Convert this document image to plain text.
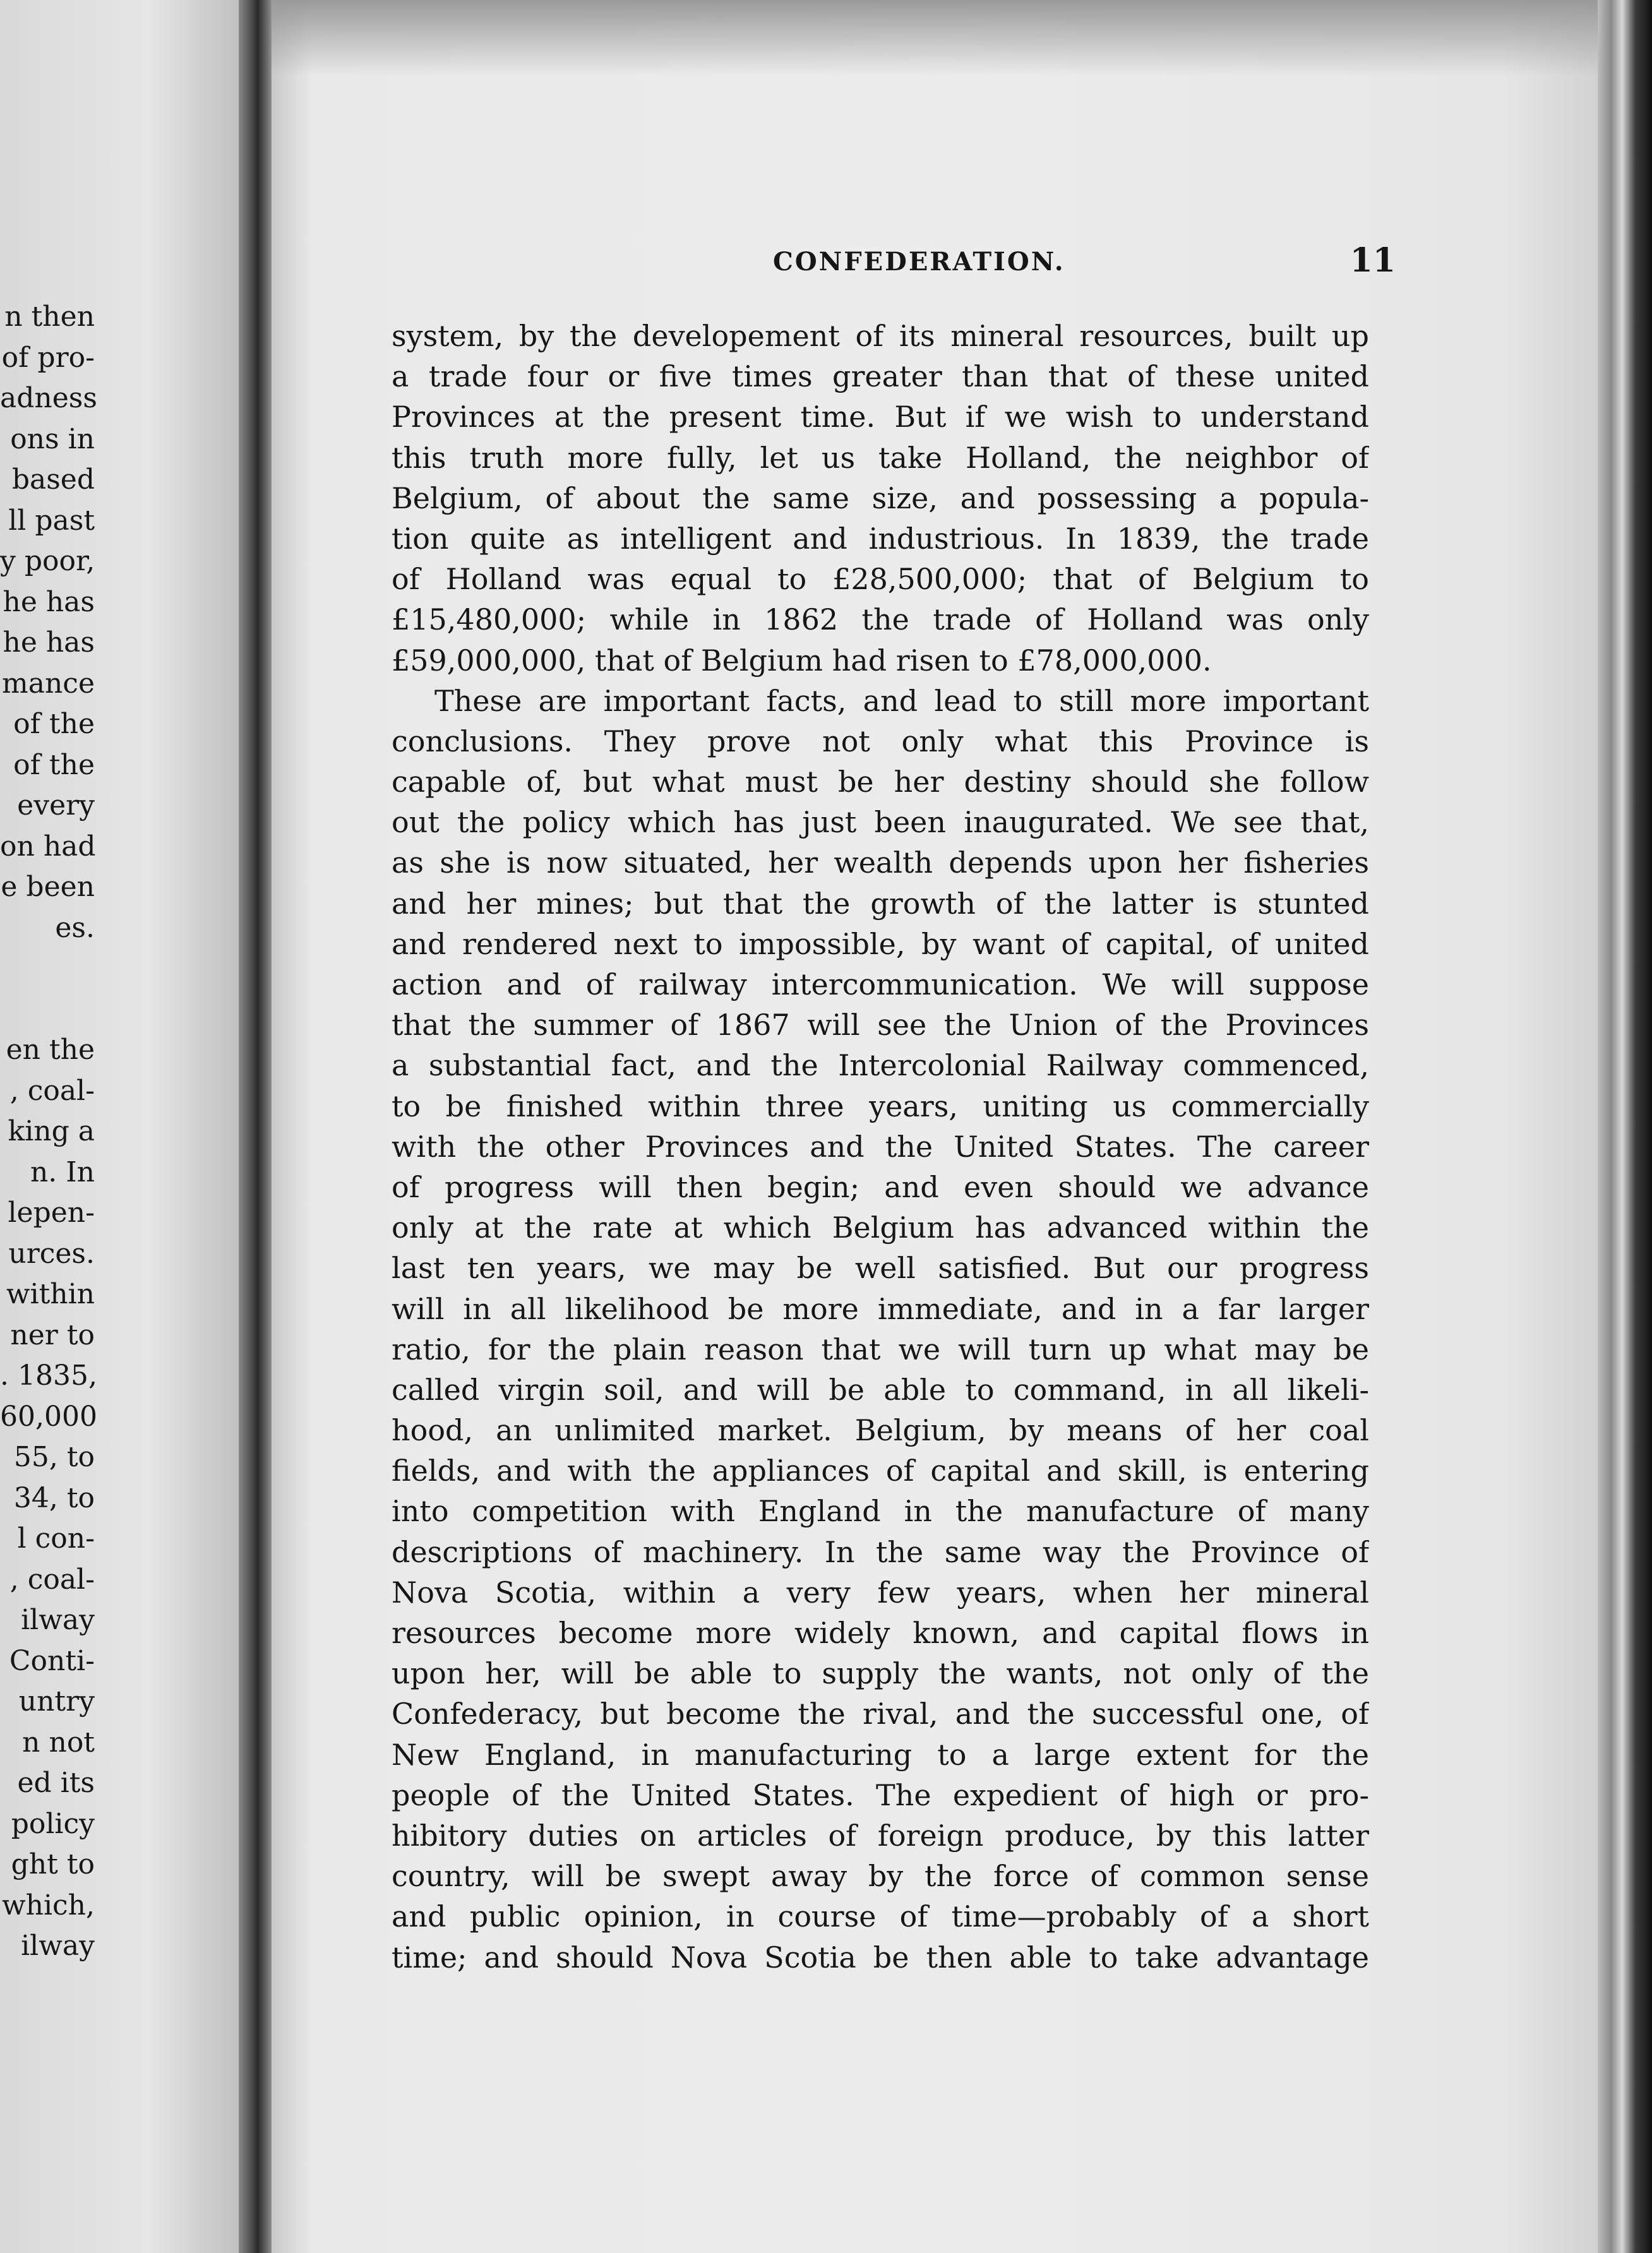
n then
of pro-
adness
ons in
based
ll past
y poor,
he has
he has
mance
of the
of the
every
on had
e been
es.
en the
, coal-
king a
n. In
lepen-
urces.
within
ner to
. 1835,
60,000
55, to
34, to
l con-
, coal-
ilway
Conti-
untry
n not
ed its
policy
ght to
which,
ilway
CONFEDERATION.	11
system, by the developement of its mineral resources, built up
a trade four or five times greater than that of these united
Provinces at the present time. But if we wish to understand
this truth more fully, let us take Holland, the neighbor of
Belgium, of about the same size, and possessing a popula-
tion quite as intelligent and industrious. In 1839, the trade
of Holland was equal to £28,500,000; that of Belgium to
£15,480,000; while in 1862 the trade of Holland was only
£59,000,000, that of Belgium had risen to £78,000,000.
These are important facts, and lead to still more important
conclusions. They prove not only what this Province is
capable of, but what must be her destiny should she follow
out the policy which has just been inaugurated. We see that,
as she is now situated, her wealth depends upon her fisheries
and her mines; but that the growth of the latter is stunted
and rendered next to impossible, by want of capital, of united
action and of railway intercommunication. We will suppose
that the summer of 1867 will see the Union of the Provinces
a substantial fact, and the Intercolonial Railway commenced,
to be finished within three years, uniting us commercially
with the other Provinces and the United States. The career
of progress will then begin; and even should we advance
only at the rate at which Belgium has advanced within the
last ten years, we may be well satisfied. But our progress
will in all likelihood be more immediate, and in a far larger
ratio, for the plain reason that we will turn up what may be
called virgin soil, and will be able to command, in all likeli-
hood, an unlimited market. Belgium, by means of her coal
fields, and with the appliances of capital and skill, is entering
into competition with England in the manufacture of many
descriptions of machinery. In the same way the Province of
Nova Scotia, within a very few years, when her mineral
resources become more widely known, and capital flows in
upon her, will be able to supply the wants, not only of the
Confederacy, but become the rival, and the successful one, of
New England, in manufacturing to a large extent for the
people of the United States. The expedient of high or pro-
hibitory duties on articles of foreign produce, by this latter
country, will be swept away by the force of common sense
and public opinion, in course of time—probably of a short
time; and should Nova Scotia be then able to take advantage
